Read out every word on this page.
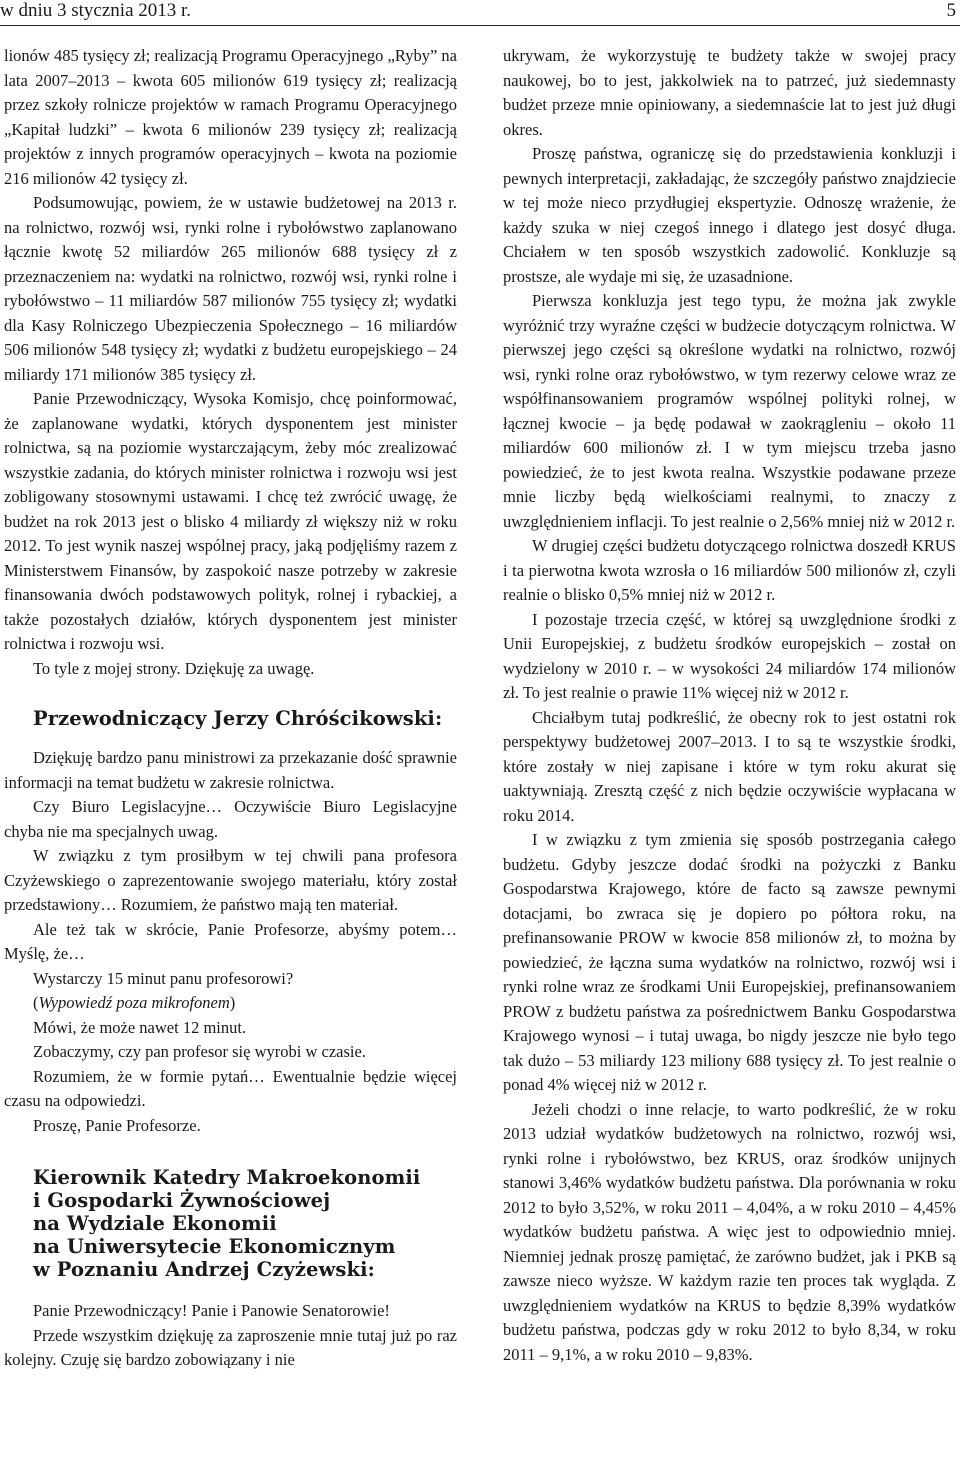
w dniu 3 stycznia 2013 r.	5

lionów 485 tysięcy zł; realizacją Programu Operacyjnego „Ryby” na lata 2007–2013 – kwota 605 milionów 619 tysięcy zł; realizacją przez szkoły rolnicze projektów w ramach Programu Operacyjnego „Kapitał ludzki” – kwota 6 milionów 239 tysięcy zł; realizacją projektów z innych programów operacyjnych – kwota na poziomie 216 milionów 42 tysięcy zł.

Podsumowując, powiem, że w ustawie budżetowej na 2013 r. na rolnictwo, rozwój wsi, rynki rolne i rybołówstwo zaplanowano łącznie kwotę 52 miliardów 265 milionów 688 tysięcy zł z przeznaczeniem na: wydatki na rolnictwo, rozwój wsi, rynki rolne i rybołówstwo – 11 miliardów 587 milionów 755 tysięcy zł; wydatki dla Kasy Rolniczego Ubezpieczenia Społecznego – 16 miliardów 506 milionów 548 tysięcy zł; wydatki z budżetu europejskiego – 24 miliardy 171 milionów 385 tysięcy zł.

Panie Przewodniczący, Wysoka Komisjo, chcę poinformować, że zaplanowane wydatki, których dysponentem jest minister rolnictwa, są na poziomie wystarczającym, żeby móc zrealizować wszystkie zadania, do których minister rolnictwa i rozwoju wsi jest zobligowany stosownymi ustawami. I chcę też zwrócić uwagę, że budżet na rok 2013 jest o blisko 4 miliardy zł większy niż w roku 2012. To jest wynik naszej wspólnej pracy, jaką podjęliśmy razem z Ministerstwem Finansów, by zaspokoić nasze potrzeby w zakresie finansowania dwóch podstawowych polityk, rolnej i rybackiej, a także pozostałych działów, których dysponentem jest minister rolnictwa i rozwoju wsi.

To tyle z mojej strony. Dziękuję za uwagę.

Przewodniczący Jerzy Chróścikowski:

Dziękuję bardzo panu ministrowi za przekazanie dość sprawnie informacji na temat budżetu w zakresie rolnictwa.

Czy Biuro Legislacyjne… Oczywiście Biuro Legislacyjne chyba nie ma specjalnych uwag.

W związku z tym prosiłbym w tej chwili pana profesora Czyżewskiego o zaprezentowanie swojego materiału, który został przedstawiony… Rozumiem, że państwo mają ten materiał.

Ale też tak w skrócie, Panie Profesorze, abyśmy potem… Myślę, że…

Wystarczy 15 minut panu profesorowi?

(Wypowiedź poza mikrofonem)

Mówi, że może nawet 12 minut.

Zobaczymy, czy pan profesor się wyrobi w czasie.

Rozumiem, że w formie pytań… Ewentualnie będzie więcej czasu na odpowiedzi.

Proszę, Panie Profesorze.

Kierownik Katedry Makroekonomii
i Gospodarki Żywnościowej
na Wydziale Ekonomii
na Uniwersytecie Ekonomicznym
w Poznaniu Andrzej Czyżewski:

Panie Przewodniczący! Panie i Panowie Senatorowie!

Przede wszystkim dziękuję za zaproszenie mnie tutaj już po raz kolejny. Czuję się bardzo zobowiązany i nie

ukrywam, że wykorzystuję te budżety także w swojej pracy naukowej, bo to jest, jakkolwiek na to patrzeć, już siedemnasty budżet przeze mnie opiniowany, a siedemnaście lat to jest już długi okres.

Proszę państwa, ograniczę się do przedstawienia konkluzji i pewnych interpretacji, zakładając, że szczegóły państwo znajdziecie w tej może nieco przydługiej ekspertyzie. Odnoszę wrażenie, że każdy szuka w niej czegoś innego i dlatego jest dosyć długa. Chciałem w ten sposób wszystkich zadowolić. Konkluzje są prostsze, ale wydaje mi się, że uzasadnione.

Pierwsza konkluzja jest tego typu, że można jak zwykle wyróżnić trzy wyraźne części w budżecie dotyczącym rolnictwa. W pierwszej jego części są określone wydatki na rolnictwo, rozwój wsi, rynki rolne oraz rybołówstwo, w tym rezerwy celowe wraz ze współfinansowaniem programów wspólnej polityki rolnej, w łącznej kwocie – ja będę podawał w zaokrągleniu – około 11 miliardów 600 milionów zł. I w tym miejscu trzeba jasno powiedzieć, że to jest kwota realna. Wszystkie podawane przeze mnie liczby będą wielkościami realnymi, to znaczy z uwzględnieniem inflacji. To jest realnie o 2,56% mniej niż w 2012 r.

W drugiej części budżetu dotyczącego rolnictwa doszedł KRUS i ta pierwotna kwota wzrosła o 16 miliardów 500 milionów zł, czyli realnie o blisko 0,5% mniej niż w 2012 r.

I pozostaje trzecia część, w której są uwzględnione środki z Unii Europejskiej, z budżetu środków europejskich – został on wydzielony w 2010 r. – w wysokości 24 miliardów 174 milionów zł. To jest realnie o prawie 11% więcej niż w 2012 r.

Chciałbym tutaj podkreślić, że obecny rok to jest ostatni rok perspektywy budżetowej 2007–2013. I to są te wszystkie środki, które zostały w niej zapisane i które w tym roku akurat się uaktywniają. Zresztą część z nich będzie oczywiście wypłacana w roku 2014.

I w związku z tym zmienia się sposób postrzegania całego budżetu. Gdyby jeszcze dodać środki na pożyczki z Banku Gospodarstwa Krajowego, które de facto są zawsze pewnymi dotacjami, bo zwraca się je dopiero po półtora roku, na prefinansowanie PROW w kwocie 858 milionów zł, to można by powiedzieć, że łączna suma wydatków na rolnictwo, rozwój wsi i rynki rolne wraz ze środkami Unii Europejskiej, prefinansowaniem PROW z budżetu państwa za pośrednictwem Banku Gospodarstwa Krajowego wynosi – i tutaj uwaga, bo nigdy jeszcze nie było tego tak dużo – 53 miliardy 123 miliony 688 tysięcy zł. To jest realnie o ponad 4% więcej niż w 2012 r.

Jeżeli chodzi o inne relacje, to warto podkreślić, że w roku 2013 udział wydatków budżetowych na rolnictwo, rozwój wsi, rynki rolne i rybołówstwo, bez KRUS, oraz środków unijnych stanowi 3,46% wydatków budżetu państwa. Dla porównania w roku 2012 to było 3,52%, w roku 2011 – 4,04%, a w roku 2010 – 4,45% wydatków budżetu państwa. A więc jest to odpowiednio mniej. Niemniej jednak proszę pamiętać, że zarówno budżet, jak i PKB są zawsze nieco wyższe. W każdym razie ten proces tak wygląda. Z uwzględnieniem wydatków na KRUS to będzie 8,39% wydatków budżetu państwa, podczas gdy w roku 2012 to było 8,34, w roku 2011 – 9,1%, a w roku 2010 – 9,83%.
